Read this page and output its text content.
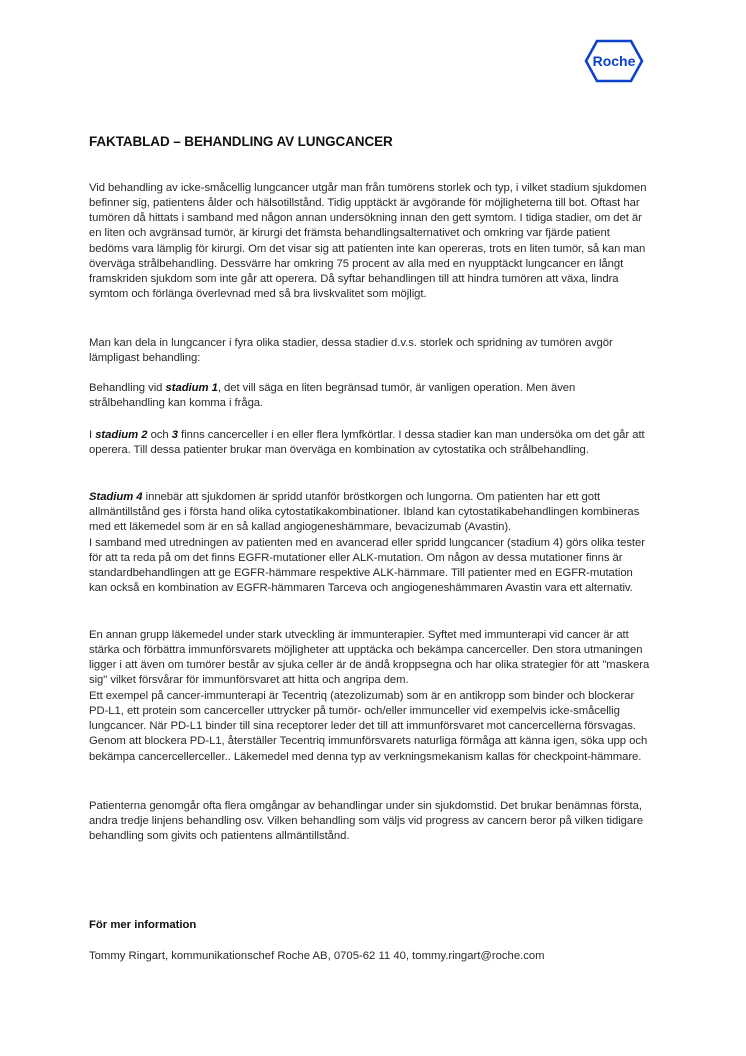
Roche
FAKTABLAD – BEHANDLING AV LUNGCANCER

Vid behandling av icke-småcellig lungcancer utgår man från tumörens storlek och typ, i vilket stadium sjukdomen befinner sig, patientens ålder och hälsotillstånd. Tidig upptäckt är avgörande för möjligheterna till bot. Oftast har tumören då hittats i samband med någon annan undersökning innan den gett symtom. I tidiga stadier, om det är en liten och avgränsad tumör, är kirurgi det främsta behandlingsalternativet och omkring var fjärde patient bedöms vara lämplig för kirurgi. Om det visar sig att patienten inte kan opereras, trots en liten tumör, så kan man överväga strålbehandling. Dessvärre har omkring 75 procent av alla med en nyupptäckt lungcancer en långt framskriden sjukdom som inte går att operera. Då syftar behandlingen till att hindra tumören att växa, lindra symtom och förlänga överlevnad med så bra livskvalitet som möjligt.

Man kan dela in lungcancer i fyra olika stadier, dessa stadier d.v.s. storlek och spridning av tumören avgör lämpligast behandling:

Behandling vid stadium 1, det vill säga en liten begränsad tumör, är vanligen operation. Men även strålbehandling kan komma i fråga.

I stadium 2 och 3 finns cancerceller i en eller flera lymfkörtlar. I dessa stadier kan man undersöka om det går att operera. Till dessa patienter brukar man överväga en kombination av cytostatika och strålbehandling.

Stadium 4 innebär att sjukdomen är spridd utanför bröstkorgen och lungorna. Om patienten har ett gott allmäntillstånd ges i första hand olika cytostatikakombinationer. Ibland kan cytostatikabehandlingen kombineras med ett läkemedel som är en så kallad angiogeneshämmare, bevacizumab (Avastin).

I samband med utredningen av patienten med en avancerad eller spridd lungcancer (stadium 4) görs olika tester för att ta reda på om det finns EGFR-mutationer eller ALK-mutation. Om någon av dessa mutationer finns är standardbehandlingen att ge EGFR-hämmare respektive ALK-hämmare. Till patienter med en EGFR-mutation kan också en kombination av EGFR-hämmaren Tarceva och angiogeneshämmaren Avastin vara ett alternativ.

En annan grupp läkemedel under stark utveckling är immunterapier. Syftet med immunterapi vid cancer är att stärka och förbättra immunförsvarets möjligheter att upptäcka och bekämpa cancerceller. Den stora utmaningen ligger i att även om tumörer består av sjuka celler är de ändå kroppsegna och har olika strategier för att "maskera sig" vilket försvårar för immunförsvaret att hitta och angripa dem.

Ett exempel på cancer-immunterapi är Tecentriq (atezolizumab) som är en antikropp som binder och blockerar PD-L1, ett protein som cancerceller uttrycker på tumör- och/eller immunceller vid exempelvis icke-småcellig lungcancer. När PD-L1 binder till sina receptorer leder det till att immunförsvaret mot cancercellerna försvagas. Genom att blockera PD-L1, återställer Tecentriq immunförsvarets naturliga förmåga att känna igen, söka upp och bekämpa cancercellerceller.. Läkemedel med denna typ av verkningsmekanism kallas för checkpoint-hämmare.

Patienterna genomgår ofta flera omgångar av behandlingar under sin sjukdomstid. Det brukar benämnas första, andra tredje linjens behandling osv. Vilken behandling som väljs vid progress av cancern beror på vilken tidigare behandling som givits och patientens allmäntillstånd.

För mer information

Tommy Ringart, kommunikationschef Roche AB, 0705-62 11 40, tommy.ringart@roche.com
